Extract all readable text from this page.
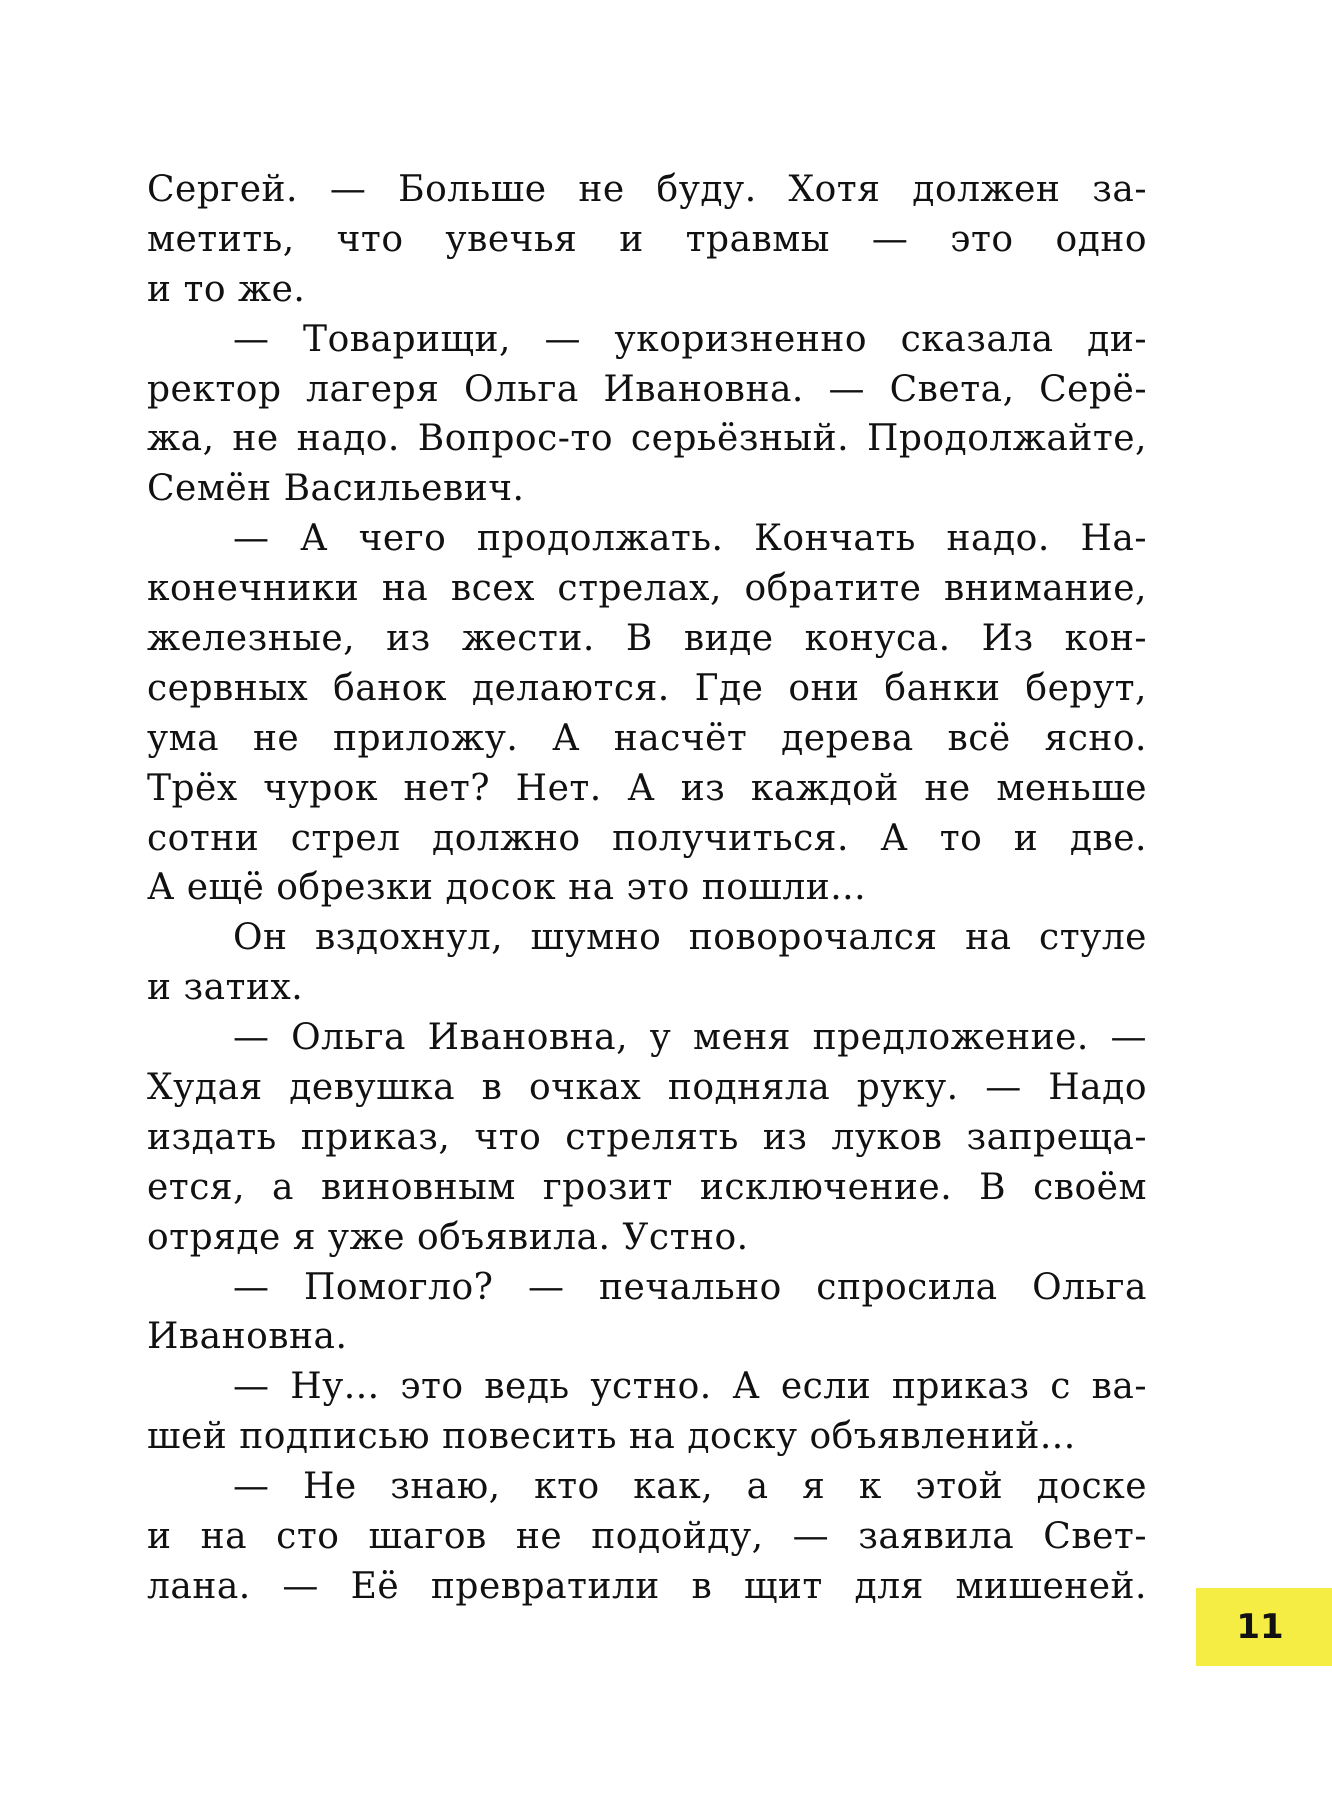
Сергей. — Больше не буду. Хотя должен за-
метить, что увечья и травмы — это одно
и то же.
— Товарищи, — укоризненно сказала ди-
ректор лагеря Ольга Ивановна. — Света, Серё-
жа, не надо. Вопрос-то серьёзный. Продолжайте,
Семён Васильевич.
— А чего продолжать. Кончать надо. На-
конечники на всех стрелах, обратите внимание,
железные, из жести. В виде конуса. Из кон-
сервных банок делаются. Где они банки берут,
ума не приложу. А насчёт дерева всё ясно.
Трёх чурок нет? Нет. А из каждой не меньше
сотни стрел должно получиться. А то и две.
А ещё обрезки досок на это пошли...
Он вздохнул, шумно поворочался на стуле
и затих.
— Ольга Ивановна, у меня предложение. —
Худая девушка в очках подняла руку. — Надо
издать приказ, что стрелять из луков запреща-
ется, а виновным грозит исключение. В своём
отряде я уже объявила. Устно.
— Помогло? — печально спросила Ольга
Ивановна.
— Ну... это ведь устно. А если приказ с ва-
шей подписью повесить на доску объявлений...
— Не знаю, кто как, а я к этой доске
и на сто шагов не подойду, — заявила Свет-
лана. — Её превратили в щит для мишеней.
11
